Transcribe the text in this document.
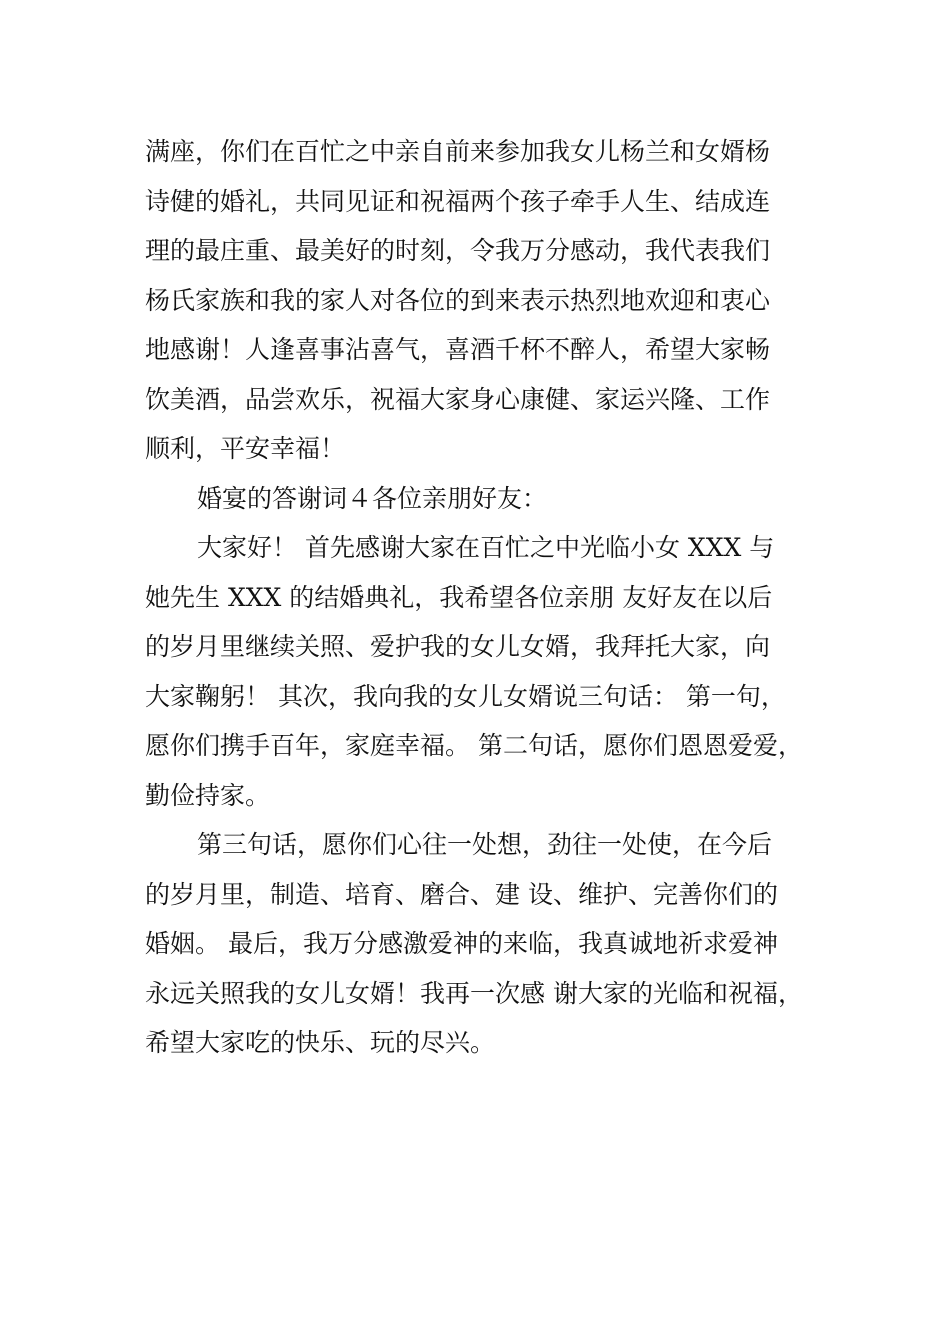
满座，你们在百忙之中亲自前来参加我女儿杨兰和女婿杨
诗健的婚礼，共同见证和祝福两个孩子牵手人生、结成连
理的最庄重、最美好的时刻，令我万分感动，我代表我们
杨氏家族和我的家人对各位的到来表示热烈地欢迎和衷心
地感谢！人逢喜事沾喜气，喜酒千杯不醉人，希望大家畅
饮美酒，品尝欢乐，祝福大家身心康健、家运兴隆、工作
顺利，平安幸福！

婚宴的答谢词４各位亲朋好友：

大家好！ 首先感谢大家在百忙之中光临小女 XXX 与
她先生 XXX 的结婚典礼，我希望各位亲朋 友好友在以后
的岁月里继续关照、爱护我的女儿女婿，我拜托大家，向
大家鞠躬！ 其次，我向我的女儿女婿说三句话： 第一句，
愿你们携手百年，家庭幸福。 第二句话，愿你们恩恩爱爱，
勤俭持家。

第三句话，愿你们心往一处想，劲往一处使，在今后
的岁月里，制造、培育、磨合、建 设、维护、完善你们的
婚姻。 最后，我万分感激爱神的来临，我真诚地祈求爱神
永远关照我的女儿女婿！我再一次感 谢大家的光临和祝福，
希望大家吃的快乐、玩的尽兴。
